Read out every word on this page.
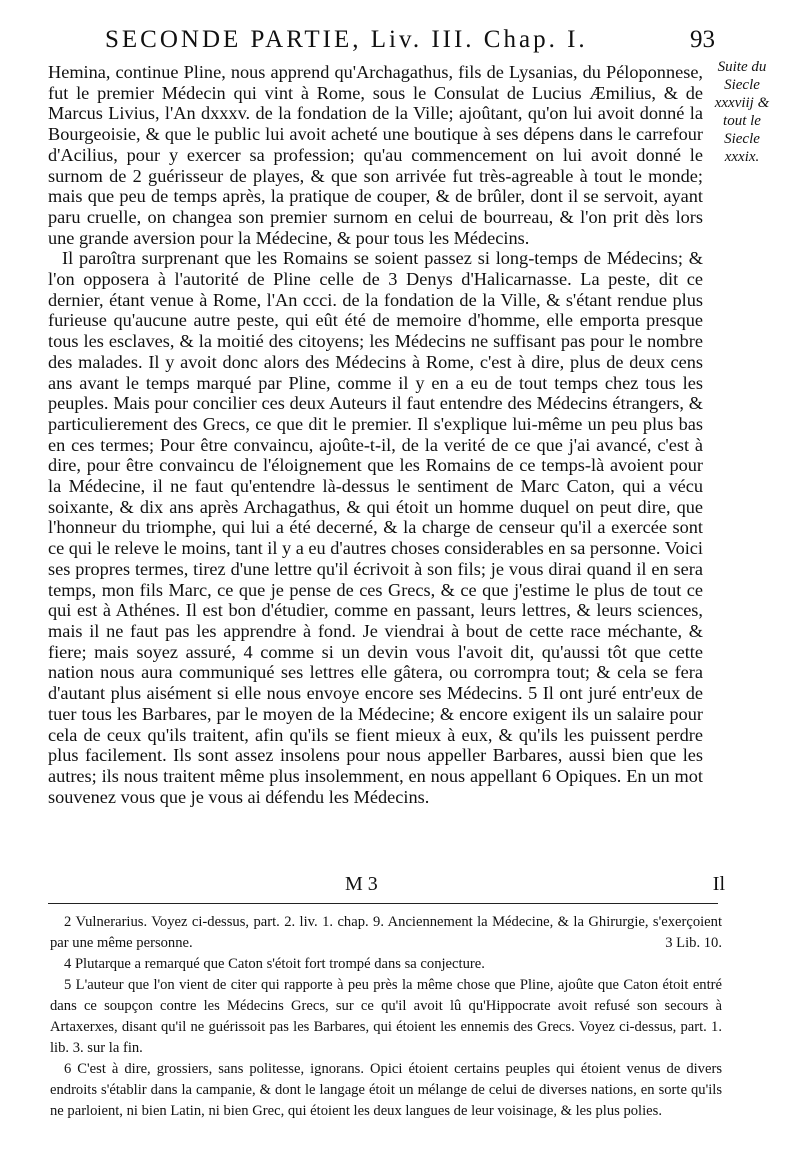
SECONDE PARTIE, Liv. III. Chap. I.	93
Suite du Siecle xxxviij & tout le Siecle xxxix.

Hemina, continue Pline, nous apprend qu'Archagathus, fils de Lysanias, du Péloponnese, fut le premier Médecin qui vint à Rome, sous le Consulat de Lucius Æmilius, & de Marcus Livius, l'An dxxxv. de la fondation de la Ville; ajoûtant, qu'on lui avoit donné la Bourgeoisie, & que le public lui avoit acheté une boutique à ses dépens dans le carrefour d'Acilius, pour y exercer sa profession; qu'au commencement on lui avoit donné le surnom de 2 guérisseur de playes, & que son arrivée fut très-agreable à tout le monde; mais que peu de temps après, la pratique de couper, & de brûler, dont il se servoit, ayant paru cruelle, on changea son premier surnom en celui de bourreau, & l'on prit dès lors une grande aversion pour la Médecine, & pour tous les Médecins.

Il paroîtra surprenant que les Romains se soient passez si long-temps de Médecins; & l'on opposera à l'autorité de Pline celle de 3 Denys d'Halicarnasse. La peste, dit ce dernier, étant venue à Rome, l'An ccci. de la fondation de la Ville, & s'étant rendue plus furieuse qu'aucune autre peste, qui eût été de memoire d'homme, elle emporta presque tous les esclaves, & la moitié des citoyens; les Médecins ne suffisant pas pour le nombre des malades. Il y avoit donc alors des Médecins à Rome, c'est à dire, plus de deux cens ans avant le temps marqué par Pline, comme il y en a eu de tout temps chez tous les peuples. Mais pour concilier ces deux Auteurs il faut entendre des Médecins étrangers, & particulierement des Grecs, ce que dit le premier. Il s'explique lui-même un peu plus bas en ces termes; Pour être convaincu, ajoûte-t-il, de la verité de ce que j'ai avancé, c'est à dire, pour être convaincu de l'éloignement que les Romains de ce temps-là avoient pour la Médecine, il ne faut qu'entendre là-dessus le sentiment de Marc Caton, qui a vécu soixante, & dix ans après Archagathus, & qui étoit un homme duquel on peut dire, que l'honneur du triomphe, qui lui a été decerné, & la charge de censeur qu'il a exercée sont ce qui le releve le moins, tant il y a eu d'autres choses considerables en sa personne. Voici ses propres termes, tirez d'une lettre qu'il écrivoit à son fils; je vous dirai quand il en sera temps, mon fils Marc, ce que je pense de ces Grecs, & ce que j'estime le plus de tout ce qui est à Athénes. Il est bon d'étudier, comme en passant, leurs lettres, & leurs sciences, mais il ne faut pas les apprendre à fond. Je viendrai à bout de cette race méchante, & fiere; mais soyez assuré, 4 comme si un devin vous l'avoit dit, qu'aussi tôt que cette nation nous aura communiqué ses lettres elle gâtera, ou corrompra tout; & cela se fera d'autant plus aisément si elle nous envoye encore ses Médecins. 5 Il ont juré entr'eux de tuer tous les Barbares, par le moyen de la Médecine; & encore exigent ils un salaire pour cela de ceux qu'ils traitent, afin qu'ils se fient mieux à eux, & qu'ils les puissent perdre plus facilement. Ils sont assez insolens pour nous appeller Barbares, aussi bien que les autres; ils nous traitent même plus insolemment, en nous appellant 6 Opiques. En un mot souvenez vous que je vous ai défendu les Médecins.

M 3	Il

2 Vulnerarius. Voyez ci-dessus, part. 2. liv. 1. chap. 9. Anciennement la Médecine, & la Ghirurgie, s'exerçoient par une même personne.	3 Lib. 10.

4 Plutarque a remarqué que Caton s'étoit fort trompé dans sa conjecture.

5 L'auteur que l'on vient de citer qui rapporte à peu près la même chose que Pline, ajoûte que Caton étoit entré dans ce soupçon contre les Médecins Grecs, sur ce qu'il avoit lû qu'Hippocrate avoit refusé son secours à Artaxerxes, disant qu'il ne guérissoit pas les Barbares, qui étoient les ennemis des Grecs. Voyez ci-dessus, part. 1. lib. 3. sur la fin.

6 C'est à dire, grossiers, sans politesse, ignorans. Opici étoient certains peuples qui étoient venus de divers endroits s'établir dans la campanie, & dont le langage étoit un mélange de celui de diverses nations, en sorte qu'ils ne parloient, ni bien Latin, ni bien Grec, qui étoient les deux langues de leur voisinage, & les plus polies.
